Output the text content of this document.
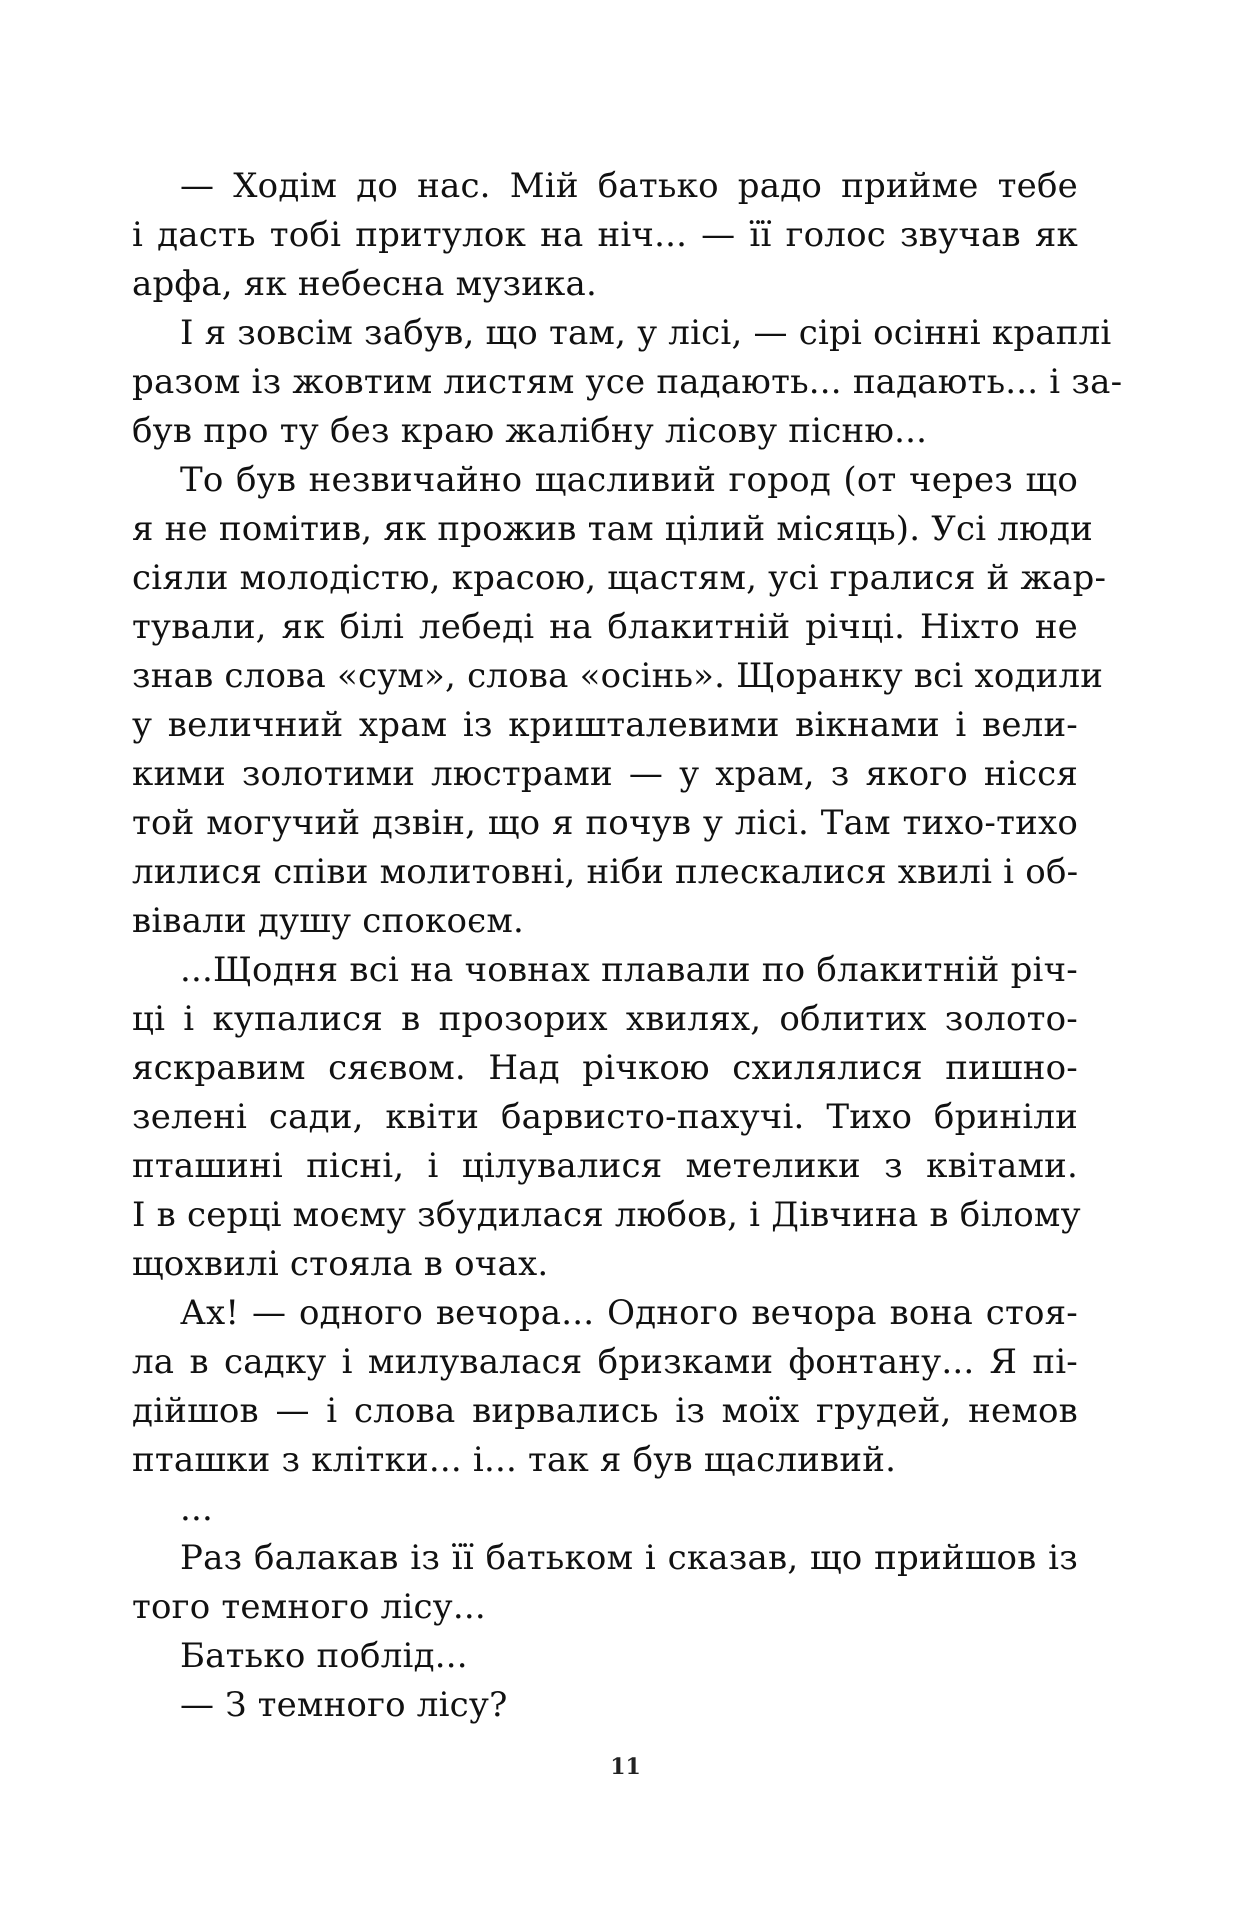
— Ходім до нас. Мій батько радо прийме тебе
і дасть тобі притулок на ніч... — її голос звучав як
арфа, як небесна музика.
І я зовсім забув, що там, у лісі, — сірі осінні краплі
разом із жовтим листям усе падають... падають... і за-
був про ту без краю жалібну лісову пісню...
То був незвичайно щасливий город (от через що
я не помітив, як прожив там цілий місяць). Усі люди
сіяли молодістю, красою, щастям, усі гралися й жар-
тували, як білі лебеді на блакитній річці. Ніхто не
знав слова «сум», слова «осінь». Щоранку всі ходили
у величний храм із кришталевими вікнами і вели-
кими золотими люстрами — у храм, з якого нісся
той могучий дзвін, що я почув у лісі. Там тихо-тихо
лилися співи молитовні, ніби плескалися хвилі і об-
вівали душу спокоєм.
...Щодня всі на човнах плавали по блакитній річ-
ці і купалися в прозорих хвилях, облитих золото-
яскравим сяєвом. Над річкою схилялися пишно-
зелені сади, квіти барвисто-пахучі. Тихо бриніли
пташині пісні, і цілувалися метелики з квітами.
І в серці моєму збудилася любов, і Дівчина в білому
щохвилі стояла в очах.
Ах! — одного вечора... Одного вечора вона стоя-
ла в садку і милувалася бризками фонтану... Я пі-
дійшов — і слова вирвались із моїх грудей, немов
пташки з клітки... і... так я був щасливий.
...
Раз балакав із її батьком і сказав, що прийшов із
того темного лісу...
Батько поблід...
— З темного лісу?
11
